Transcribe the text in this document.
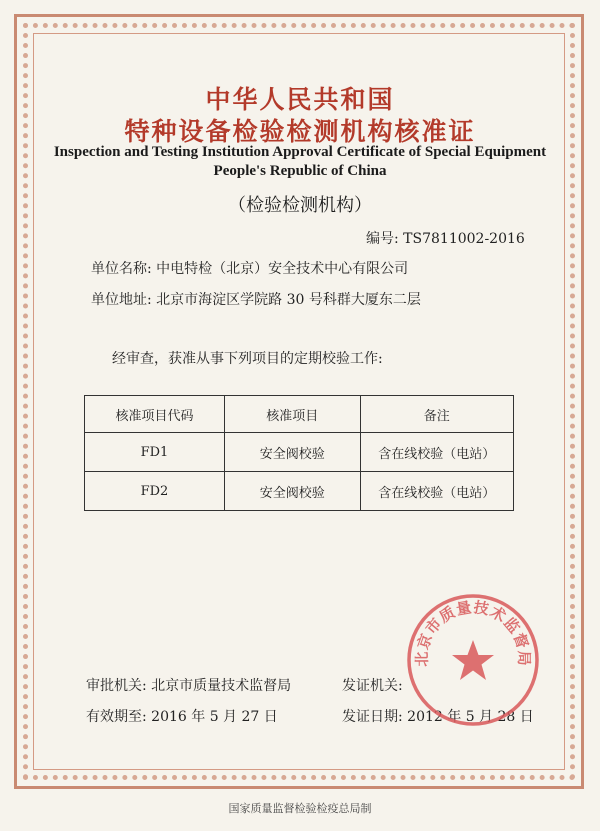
中华人民共和国
特种设备检验检测机构核准证
Inspection and Testing Institution Approval Certificate of Special Equipment
People's Republic of China
（检验检测机构）
编号: TS7811002-2016
单位名称: 中电特检（北京）安全技术中心有限公司
单位地址: 北京市海淀区学院路 30 号科群大厦东二层
经审查，获准从事下列项目的定期校验工作:
核准项目代码	核准项目	备注
FD1	安全阀校验	含在线校验（电站）
FD2	安全阀校验	含在线校验（电站）
审批机关: 北京市质量技术监督局	发证机关:
有效期至: 2016 年 5 月 27 日	发证日期: 2012 年 5 月 28 日
北京市质量技术监督局
国家质量监督检验检疫总局制
